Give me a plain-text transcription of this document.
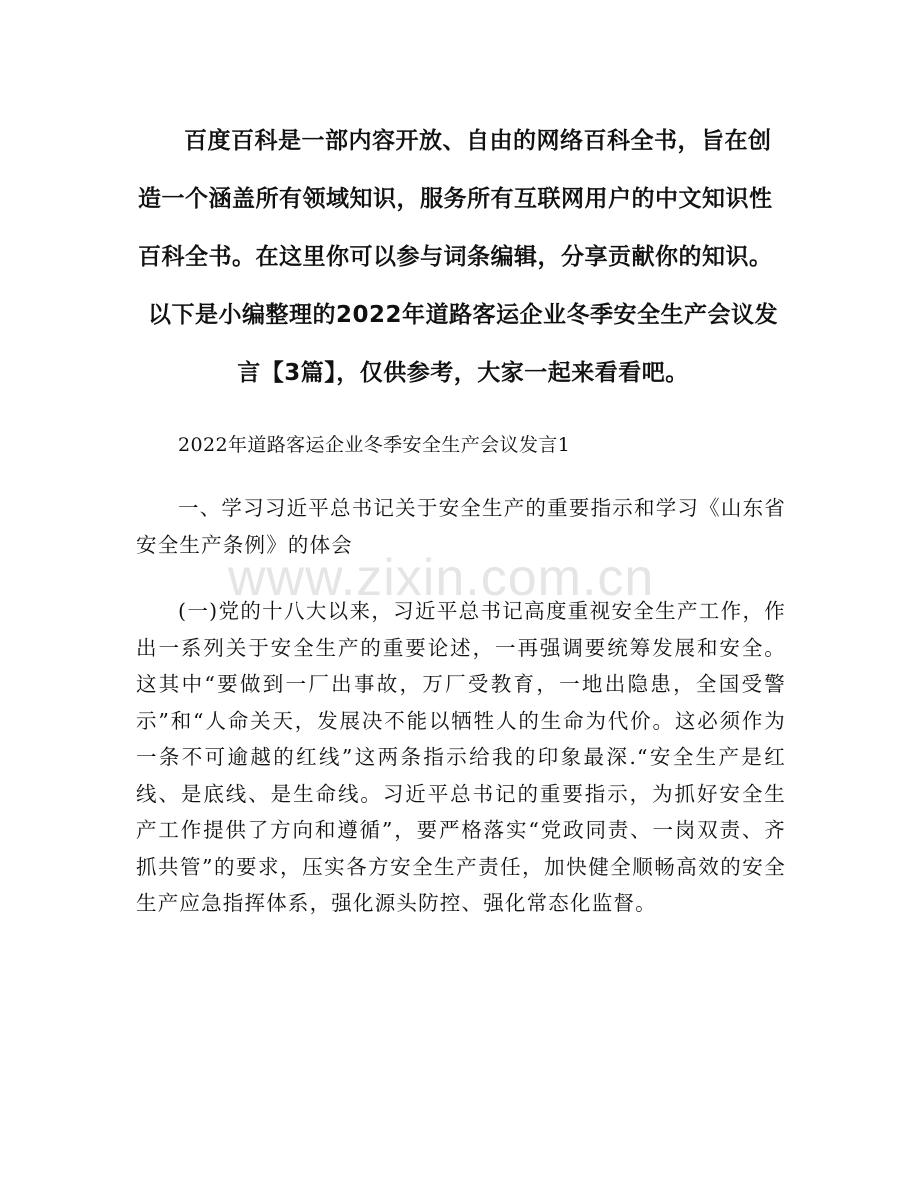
百度百科是一部内容开放、自由的网络百科全书，旨在创
造一个涵盖所有领域知识，服务所有互联网用户的中文知识性
百科全书。在这里你可以参与词条编辑，分享贡献你的知识。
以下是小编整理的2022年道路客运企业冬季安全生产会议发
言【3篇】，仅供参考，大家一起来看看吧。
2022年道路客运企业冬季安全生产会议发言1
一、学习习近平总书记关于安全生产的重要指示和学习《山东省安全生产条例》的体会
(一)党的十八大以来，习近平总书记高度重视安全生产工作，作出一系列关于安全生产的重要论述，一再强调要统筹发展和安全。这其中“要做到一厂出事故，万厂受教育，一地出隐患，全国受警示”和“人命关天，发展决不能以牺牲人的生命为代价。这必须作为一条不可逾越的红线”这两条指示给我的印象最深.“安全生产是红线、是底线、是生命线。习近平总书记的重要指示，为抓好安全生产工作提供了方向和遵循”，要严格落实“党政同责、一岗双责、齐抓共管”的要求，压实各方安全生产责任，加快健全顺畅高效的安全生产应急指挥体系，强化源头防控、强化常态化监督。
www.zixin.com.cn
